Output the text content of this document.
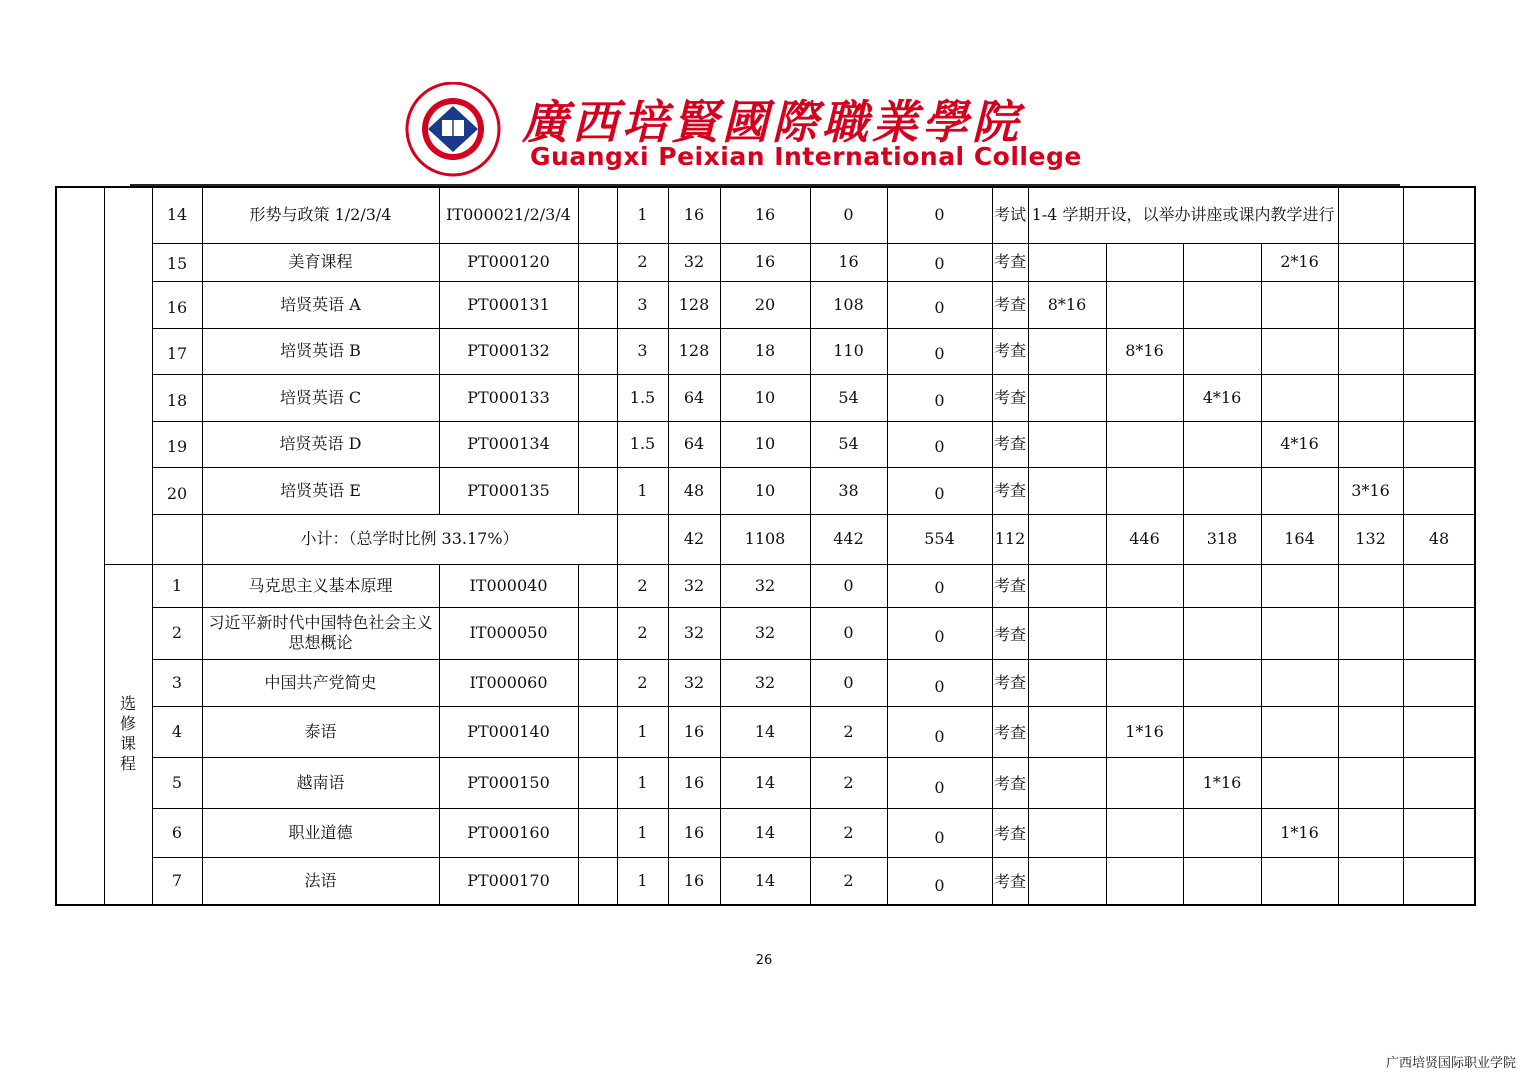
廣西培賢國際職業學院
Guangxi Peixian International College
		14	形势与政策 1/2/3/4	IT000021/2/3/4		1	16	16	0	0	考试	1-4 学期开设，以举办讲座或课内教学进行						
		15	美育课程	PT000120		2	32	16	16	0	考查				2*16			
		16	培贤英语 A	PT000131		3	128	20	108	0	考查	8*16						
		17	培贤英语 B	PT000132		3	128	18	110	0	考查		8*16					
		18	培贤英语 C	PT000133		1.5	64	10	54	0	考查			4*16				
		19	培贤英语 D	PT000134		1.5	64	10	54	0	考查				4*16			
		20	培贤英语 E	PT000135		1	48	10	38	0	考查					3*16		
			小计：（总学时比例 33.17%）				42	1108	442	554	112		446	318	164	132	48	

	选
修
课
程	1	马克思主义基本原理	IT000040		2	32	32	0	0	考查							
		2	习近平新时代中国特色社会主义思想概论	IT000050		2	32	32	0	0	考查							
		3	中国共产党简史	IT000060		2	32	32	0	0	考查							
		4	泰语	PT000140		1	16	14	2	0	考查		1*16					
		5	越南语	PT000150		1	16	14	2	0	考查			1*16				
		6	职业道德	PT000160		1	16	14	2	0	考查				1*16			
		7	法语	PT000170		1	16	14	2	0	考查							
26
广西培贤国际职业学院
